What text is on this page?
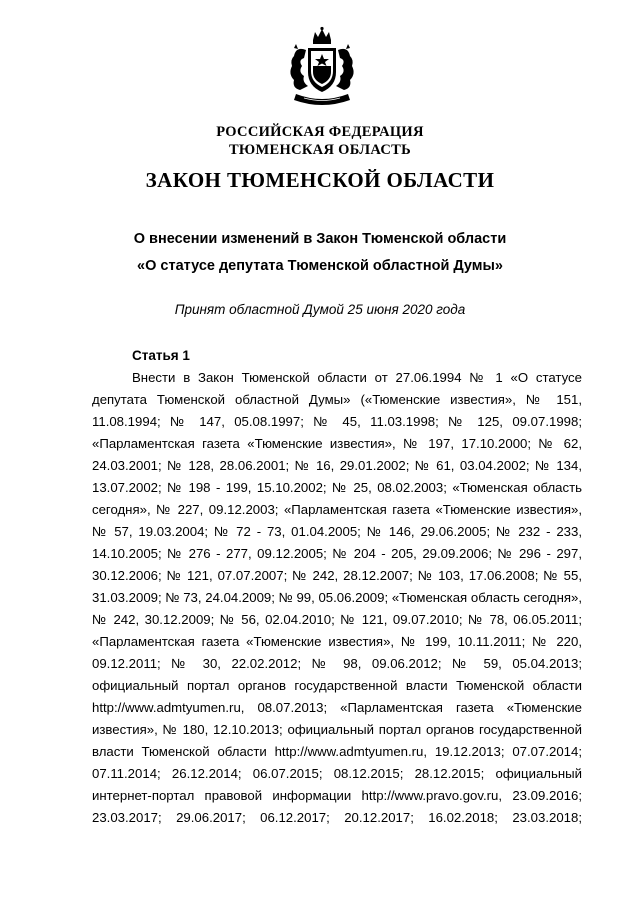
РОССИЙСКАЯ ФЕДЕРАЦИЯ
ТЮМЕНСКАЯ ОБЛАСТЬ
ЗАКОН ТЮМЕНСКОЙ ОБЛАСТИ
О внесении изменений в Закон Тюменской области
«О статусе депутата Тюменской областной Думы»
Принят областной Думой 25 июня 2020 года
Статья 1
Внести в Закон Тюменской области от 27.06.1994 № 1 «О статусе
депутата Тюменской областной Думы» («Тюменские известия», № 151,
11.08.1994; № 147, 05.08.1997; № 45, 11.03.1998; № 125, 09.07.1998;
«Парламентская газета «Тюменские известия», № 197, 17.10.2000; № 62,
24.03.2001; № 128, 28.06.2001; № 16, 29.01.2002; № 61, 03.04.2002; № 134,
13.07.2002; № 198 - 199, 15.10.2002; № 25, 08.02.2003; «Тюменская область
сегодня», № 227, 09.12.2003; «Парламентская газета «Тюменские известия»,
№ 57, 19.03.2004; № 72 - 73, 01.04.2005; № 146, 29.06.2005; № 232 - 233,
14.10.2005; № 276 - 277, 09.12.2005; № 204 - 205, 29.09.2006; № 296 - 297,
30.12.2006; № 121, 07.07.2007; № 242, 28.12.2007; № 103, 17.06.2008; № 55,
31.03.2009; № 73, 24.04.2009; № 99, 05.06.2009; «Тюменская область сегодня»,
№ 242, 30.12.2009; № 56, 02.04.2010; № 121, 09.07.2010; № 78, 06.05.2011;
«Парламентская газета «Тюменские известия», № 199, 10.11.2011; № 220,
09.12.2011; № 30, 22.02.2012; № 98, 09.06.2012; № 59, 05.04.2013;
официальный портал органов государственной власти Тюменской области
http://www.admtyumen.ru, 08.07.2013; «Парламентская газета «Тюменские
известия», № 180, 12.10.2013; официальный портал органов государственной
власти Тюменской области http://www.admtyumen.ru, 19.12.2013; 07.07.2014;
07.11.2014; 26.12.2014; 06.07.2015; 08.12.2015; 28.12.2015; официальный
интернет-портал правовой информации http://www.pravo.gov.ru, 23.09.2016;
23.03.2017; 29.06.2017; 06.12.2017; 20.12.2017; 16.02.2018; 23.03.2018;
